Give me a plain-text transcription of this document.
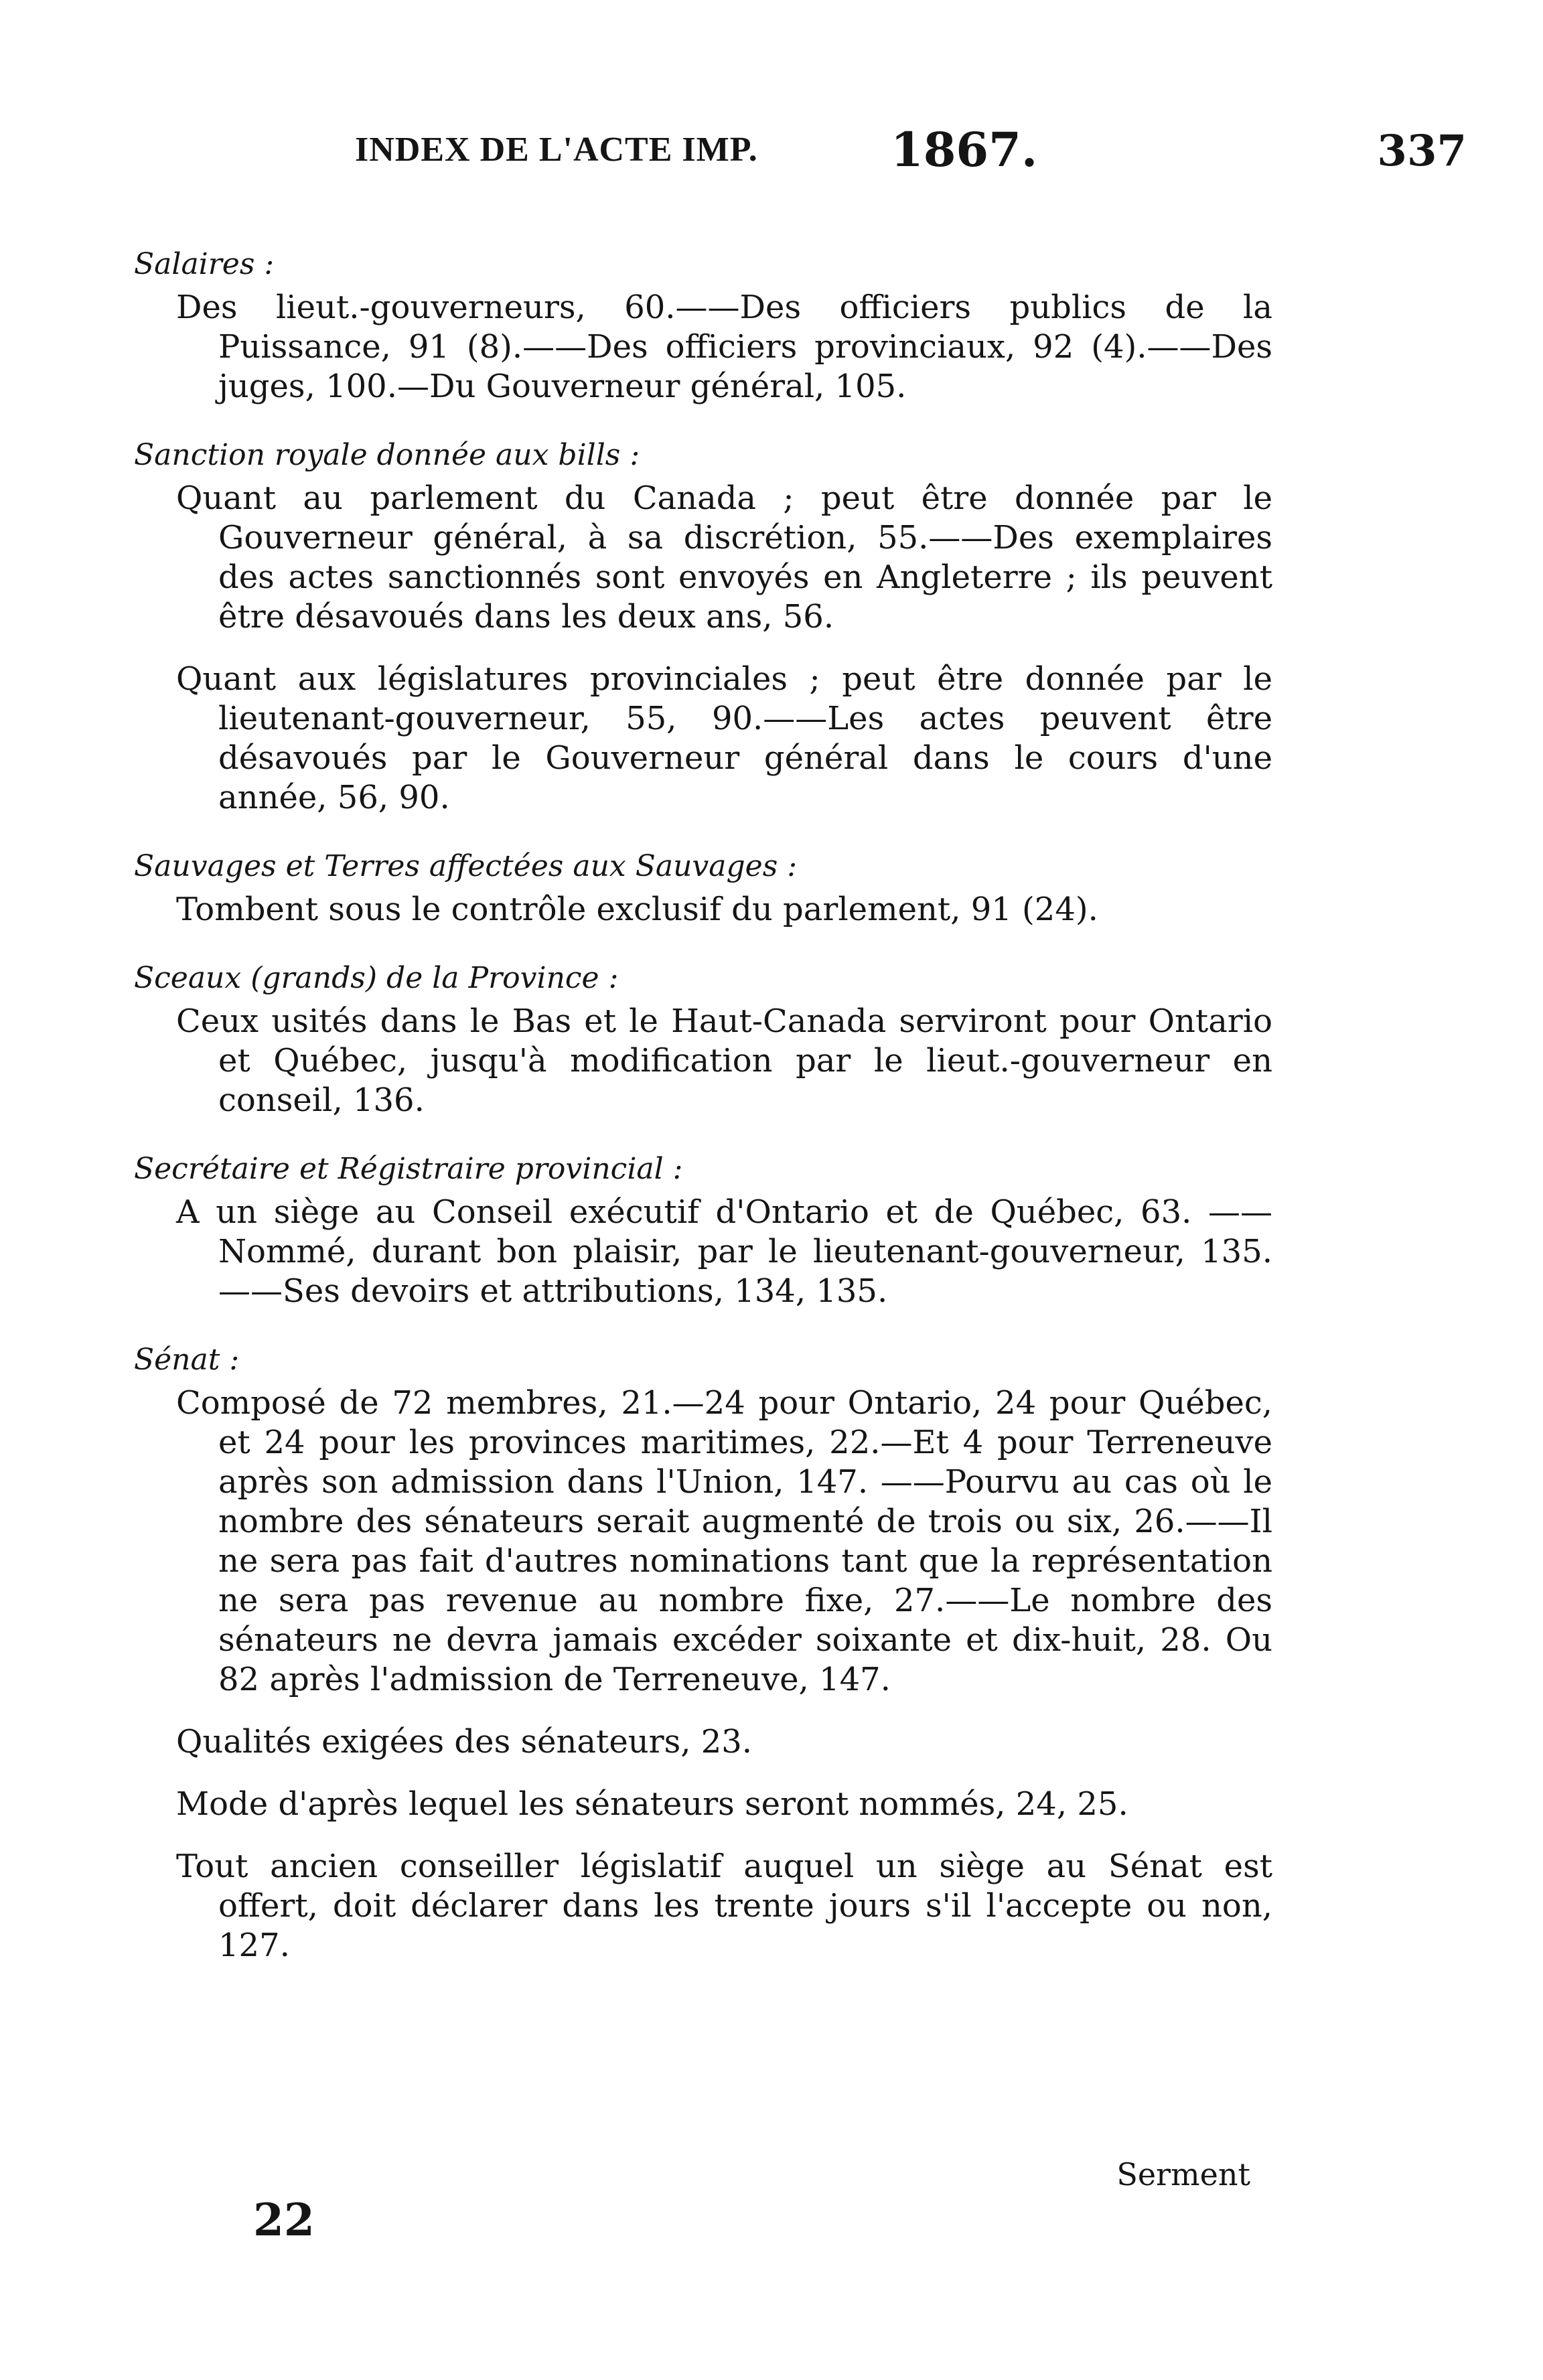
INDEX DE L'ACTE IMP.	1867.	337
Salaires :
Des lieut.-gouverneurs, 60.——Des officiers publics de la Puissance, 91 (8).——Des officiers provinciaux, 92 (4).——Des juges, 100.—Du Gouverneur général, 105.
Sanction royale donnée aux bills :
Quant au parlement du Canada ; peut être donnée par le Gouverneur général, à sa discrétion, 55.——Des exemplaires des actes sanctionnés sont envoyés en Angleterre ; ils peuvent être désavoués dans les deux ans, 56.
Quant aux législatures provinciales ; peut être donnée par le lieutenant-gouverneur, 55, 90.——Les actes peuvent être désavoués par le Gouverneur général dans le cours d'une année, 56, 90.
Sauvages et Terres affectées aux Sauvages :
Tombent sous le contrôle exclusif du parlement, 91 (24).
Sceaux (grands) de la Province :
Ceux usités dans le Bas et le Haut-Canada serviront pour Ontario et Québec, jusqu'à modification par le lieut.-gouverneur en conseil, 136.
Secrétaire et Régistraire provincial :
A un siège au Conseil exécutif d'Ontario et de Québec, 63. ——Nommé, durant bon plaisir, par le lieutenant-gouverneur, 135.——Ses devoirs et attributions, 134, 135.
Sénat :
Composé de 72 membres, 21.—24 pour Ontario, 24 pour Québec, et 24 pour les provinces maritimes, 22.—Et 4 pour Terreneuve après son admission dans l'Union, 147. ——Pourvu au cas où le nombre des sénateurs serait augmenté de trois ou six, 26.——Il ne sera pas fait d'autres nominations tant que la représentation ne sera pas revenue au nombre fixe, 27.——Le nombre des sénateurs ne devra jamais excéder soixante et dix-huit, 28. Ou 82 après l'admission de Terreneuve, 147.
Qualités exigées des sénateurs, 23.
Mode d'après lequel les sénateurs seront nommés, 24, 25.
Tout ancien conseiller législatif auquel un siège au Sénat est offert, doit déclarer dans les trente jours s'il l'accepte ou non, 127.
Serment
22
